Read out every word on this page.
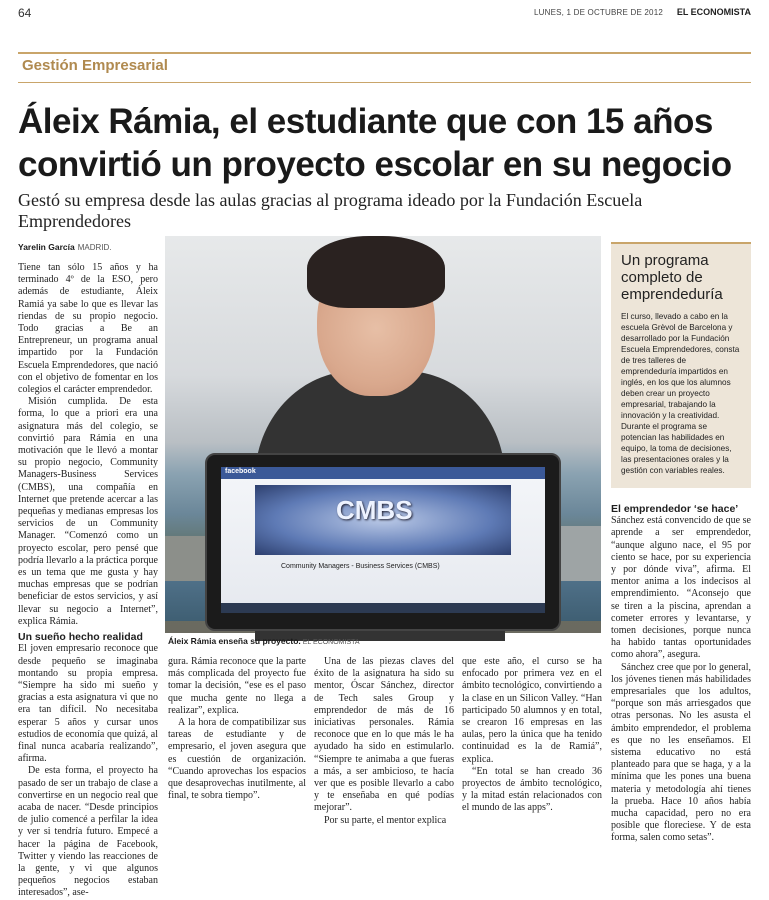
64	LUNES, 1 DE OCTUBRE DE 2012 EL ECONOMISTA
Gestión Empresarial
Áleix Rámia, el estudiante que con 15 años convirtió un proyecto escolar en su negocio
Gestó su empresa desde las aulas gracias al programa ideado por la Fundación Escuela Emprendedores
Yarelin García MADRID.

Tiene tan sólo 15 años y ha terminado 4º de la ESO, pero además de estudiante, Áleix Ramiá ya sabe lo que es llevar las riendas de su propio negocio. Todo gracias a Be an Entrepreneur, un programa anual impartido por la Fundación Escuela Emprendedores, que nació con el objetivo de fomentar en los colegios el carácter emprendedor.

Misión cumplida. De esta forma, lo que a priori era una asignatura más del colegio, se convirtió para Rámia en una motivación que le llevó a montar su propio negocio, Community Managers-Business Services (CMBS), una compañía en Internet que pretende acercar a las pequeñas y medianas empresas los servicios de un Community Manager. “Comenzó como un proyecto escolar, pero pensé que podría llevarlo a la práctica porque es un tema que me gusta y hay muchas empresas que se podrían beneficiar de estos servicios, y así llevar su negocio a Internet”, explica Rámia.

Un sueño hecho realidad

El joven empresario reconoce que desde pequeño se imaginaba montando su propia empresa. “Siempre ha sido mi sueño y gracias a esta asignatura vi que no era tan difícil. No necesitaba esperar 5 años y cursar unos estudios de economía que quizá, al final nunca acabaría realizando”, afirma.

De esta forma, el proyecto ha pasado de ser un trabajo de clase a convertirse en un negocio real que acaba de nacer. “Desde principios de julio comencé a perfilar la idea y ver si tendría futuro. Empecé a hacer la página de Facebook, Twitter y viendo las reacciones de la gente, y vi que algunos pequeños negocios estaban interesados”, ase-

facebook
CMBS
Community Managers - Business Services (CMBS)
Áleix Rámia enseña su proyecto. EL ECONOMISTA
Un programa completo de emprendeduría
El curso, llevado a cabo en la escuela Grèvol de Barcelona y desarrollado por la Fundación Escuela Emprendedores, consta de tres talleres de emprendeduría impartidos en inglés, en los que los alumnos deben crear un proyecto empresarial, trabajando la innovación y la creatividad. Durante el programa se potencian las habilidades en equipo, la toma de decisiones, las presentaciones orales y la gestión con variables reales.

gura. Rámia reconoce que la parte más complicada del proyecto fue tomar la decisión, “ese es el paso que mucha gente no llega a realizar”, explica.

A la hora de compatibilizar sus tareas de estudiante y de empresario, el joven asegura que es cuestión de organización. “Cuando aprovechas los espacios que desaprovechas inutilmente, al final, te sobra tiempo”.

Una de las piezas claves del éxito de la asignatura ha sido su mentor, Óscar Sánchez, director de Tech sales Group y emprendedor de más de 16 iniciativas personales. Rámia reconoce que en lo que más le ha ayudado ha sido en estimularlo. “Siempre te animaba a que fueras a más, a ser ambicioso, te hacía ver que es posible llevarlo a cabo y te enseñaba en qué podías mejorar”.

Por su parte, el mentor explica

que este año, el curso se ha enfocado por primera vez en el ámbito tecnológico, convirtiendo a la clase en un Silicon Valley. “Han participado 50 alumnos y en total, se crearon 16 empresas en las aulas, pero la única que ha tenido continuidad es la de Ramiá”, explica.

“En total se han creado 36 proyectos de ámbito tecnológico, y la mitad están relacionados con el mundo de las apps”.

El emprendedor ‘se hace’

Sánchez está convencido de que se aprende a ser emprendedor, “aunque alguno nace, el 95 por ciento se hace, por su experiencia y por dónde viva”, afirma. El mentor anima a los indecisos al emprendimiento. “Aconsejo que se tiren a la piscina, aprendan a cometer errores y levantarse, y tomen decisiones, porque nunca ha habido tantas oportunidades como ahora”, asegura.

Sánchez cree que por lo general, los jóvenes tienen más habilidades empresariales que los adultos, “porque son más arriesgados que otras personas. No les asusta el ámbito emprendedor, el problema es que no les enseñamos. El sistema educativo no está planteado para que se haga, y a la mínima que les pones una buena materia y metodología ahí tienes la prueba. Hace 10 años había mucha capacidad, pero no era posible que floreciese. Y de esta forma, salen como setas”.
